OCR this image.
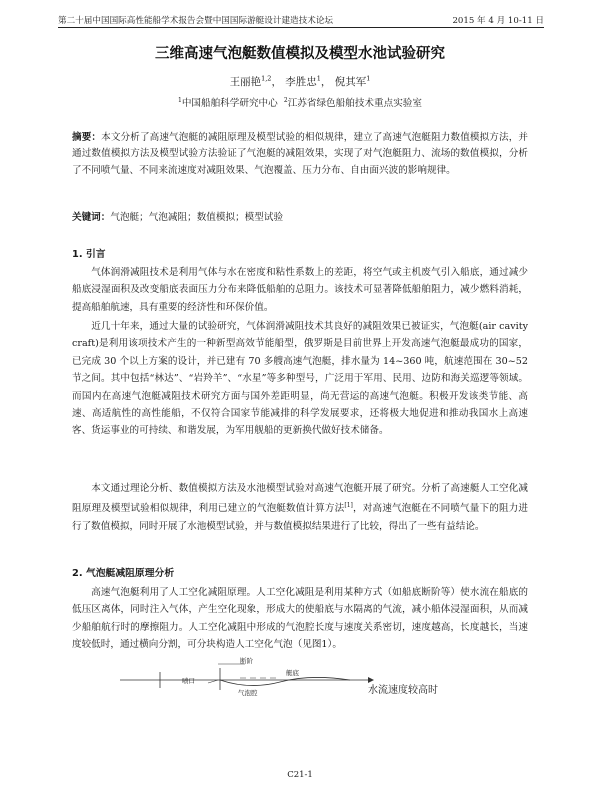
第二十届中国国际高性能船学术报告会暨中国国际游艇设计建造技术论坛	2015 年 4 月 10-11 日
三维高速气泡艇数值模拟及模型水池试验研究
王丽艳$^{1,2}$， 李胜忠$^1$， 倪其军$^1$
$^1$中国船舶科学研究中心 $^2$江苏省绿色船舶技术重点实验室
摘要：本文分析了高速气泡艇的减阻原理及模型试验的相似规律，建立了高速气泡艇阻力数值模拟方法，并通过数值模拟方法及模型试验方法验证了气泡艇的减阻效果，实现了对气泡艇阻力、流场的数值模拟，分析了不同喷气量、不同来流速度对减阻效果、气泡覆盖、压力分布、自由面兴波的影响规律。
关键词：气泡艇；气泡减阻；数值模拟；模型试验
1. 引言
气体润滑减阻技术是利用气体与水在密度和粘性系数上的差距，将空气或主机废气引入船底，通过减少船底浸湿面积及改变船底表面压力分布来降低船舶的总阻力。该技术可显著降低船舶阻力，减少燃料消耗，提高船舶航速，具有重要的经济性和环保价值。
近几十年来，通过大量的试验研究，气体润滑减阻技术其良好的减阻效果已被证实，气泡艇(air cavity craft)是利用该项技术产生的一种新型高效节能船型，俄罗斯是目前世界上开发高速气泡艇最成功的国家，已完成 30 个以上方案的设计，并已建有 70 多艘高速气泡艇，排水量为 14~360 吨，航速范围在 30~52 节之间。其中包括“林达”、“岩羚羊”、“水星”等多种型号，广泛用于军用、民用、边防和海关巡逻等领域。而国内在高速气泡艇减阻技术研究方面与国外差距明显，尚无营运的高速气泡艇。积极开发该类节能、高速、高适航性的高性能船，不仅符合国家节能减排的科学发展要求，还将极大地促进和推动我国水上高速客、货运事业的可持续、和谐发展，为军用舰船的更新换代做好技术储备。
本文通过理论分析、数值模拟方法及水池模型试验对高速气泡艇开展了研究。分析了高速艇人工空化减阻原理及模型试验相似规律，利用已建立的气泡艇数值计算方法[1]，对高速气泡艇在不同喷气量下的阻力进行了数值模拟，同时开展了水池模型试验，并与数值模拟结果进行了比较，得出了一些有益结论。
2. 气泡艇减阻原理分析
高速气泡艇利用了人工空化减阻原理。人工空化减阻是利用某种方式（如船底断阶等）使水流在船底的低压区离体，同时注入气体，产生空化现象，形成大的使船底与水隔离的气流，减小船体浸湿面积，从而减少船舶航行时的摩擦阻力。人工空化减阻中形成的气泡腔长度与速度关系密切，速度越高，长度越长，当速度较低时，通过横向分割，可分块构造人工空化气泡（见图1）。
断阶
喷口
气泡腔
艇底
水流速度较高时
C21-1
